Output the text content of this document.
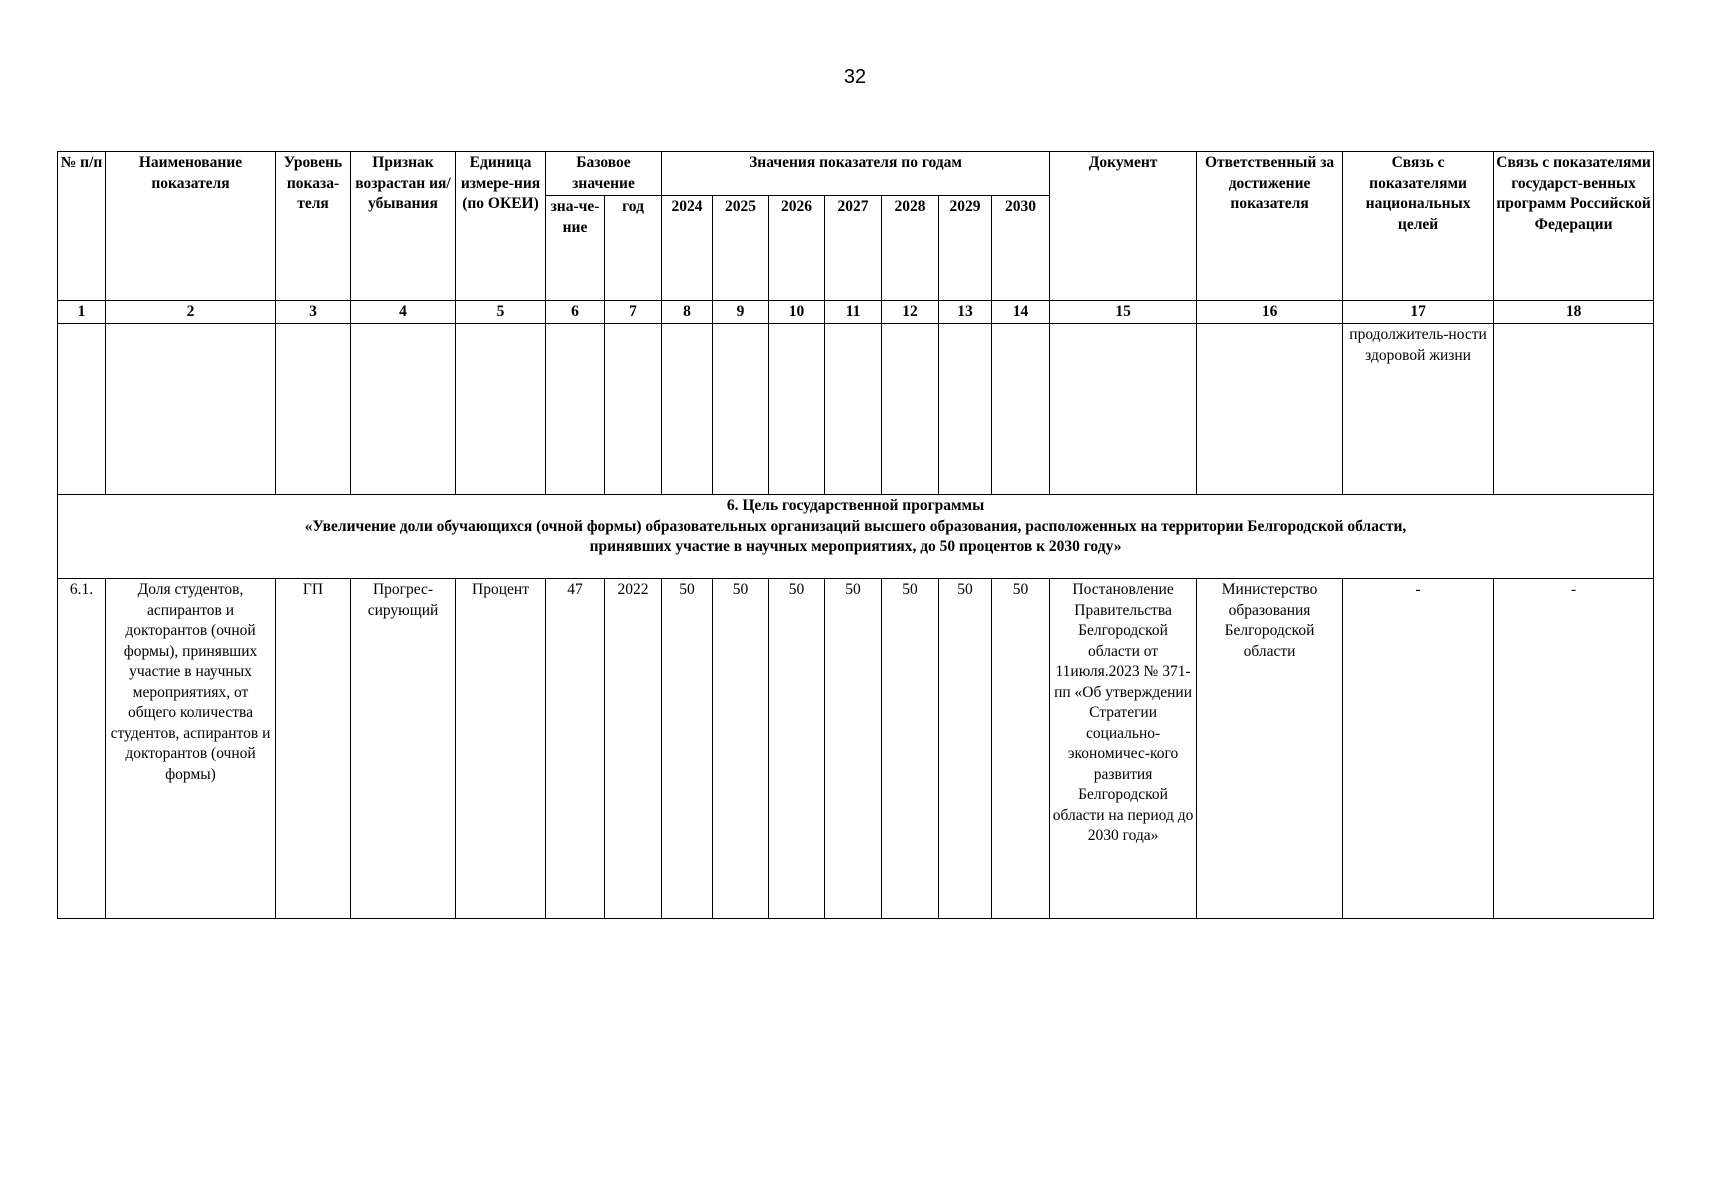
32
№ п/п	Наименование показателя	Уровень показа-теля	Признак возрастан ия/ убывания	Единица измере-ния (по ОКЕИ)	Базовое значение		Значения показателя по годам							Документ	Ответственный за достижение показателя	Связь с показателями национальных целей	Связь с показателями государст-венных программ Российской Федерации
					зна-че-ние	год	2024	2025	2026	2027	2028	2029	2030				
1	2	3	4	5	6	7	8	9	10	11	12	13	14	15	16	17	18
																продолжитель-ности здоровой жизни	

6. Цель государственной программы
«Увеличение доли обучающихся (очной формы) образовательных организаций высшего образования, расположенных на территории Белгородской области,
принявших участие в научных мероприятиях, до 50 процентов к 2030 году»																	

6.1.	Доля студентов, аспирантов и докторантов (очной формы), принявших участие в научных мероприятиях, от общего количества студентов, аспирантов и докторантов (очной формы)	ГП	Прогрес-сирующий	Процент	47	2022	50	50	50	50	50	50	50	Постановление Правительства Белгородской области от 11июля.2023 № 371-пп «Об утверждении Стратегии социально-экономичес-кого развития Белгородской области на период до 2030 года»	Министерство образования Белгородской области	-	-
